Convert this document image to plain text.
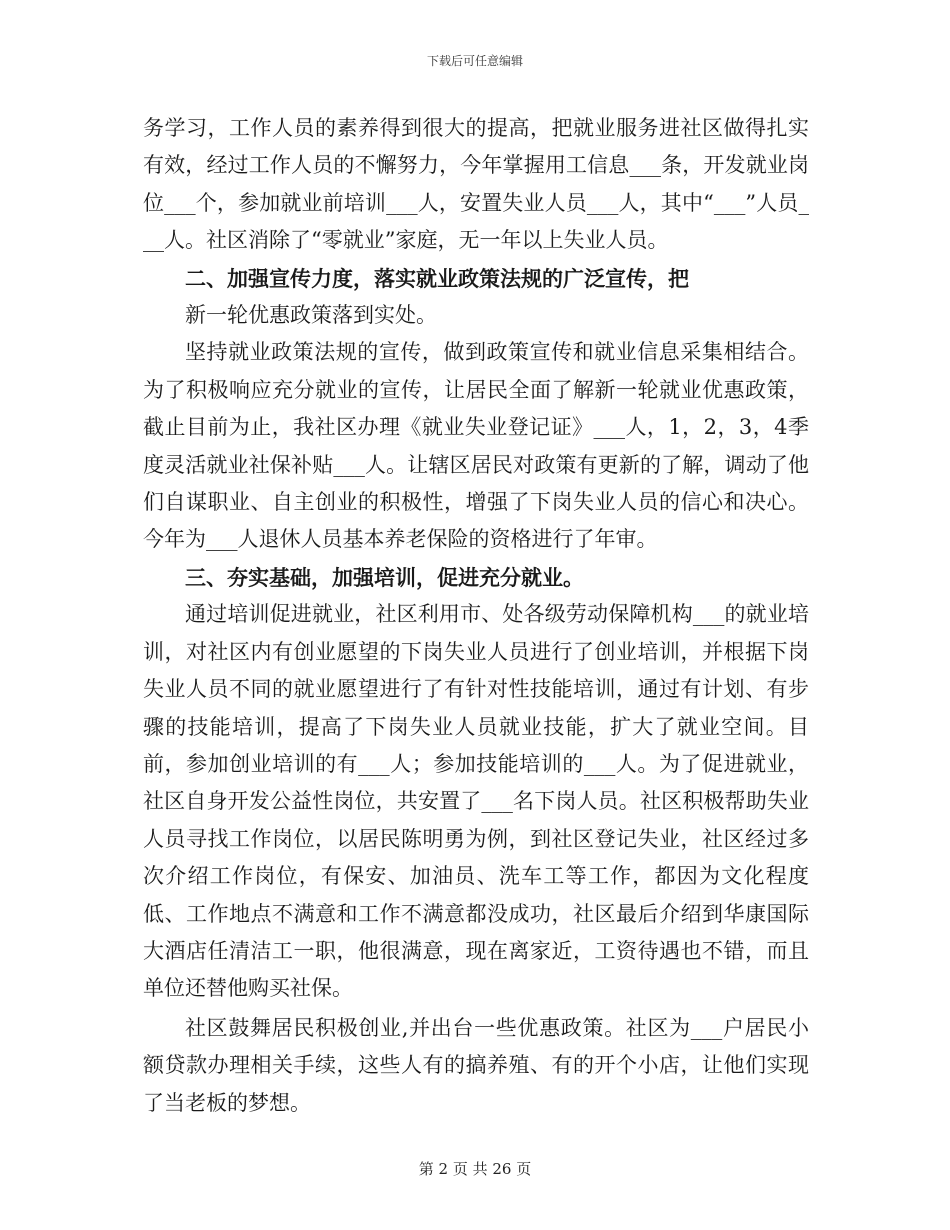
下载后可任意编辑

务学习，工作人员的素养得到很大的提高，把就业服务进社区做得扎实有效，经过工作人员的不懈努力，今年掌握用工信息___条，开发就业岗位___个，参加就业前培训___人，安置失业人员___人，其中“___”人员___人。社区消除了“零就业”家庭，无一年以上失业人员。

二、加强宣传力度，落实就业政策法规的广泛宣传，把

新一轮优惠政策落到实处。

坚持就业政策法规的宣传，做到政策宣传和就业信息采集相结合。为了积极响应充分就业的宣传，让居民全面了解新一轮就业优惠政策，截止目前为止，我社区办理《就业失业登记证》___人，1，2，3，4季度灵活就业社保补贴___人。让辖区居民对政策有更新的了解，调动了他们自谋职业、自主创业的积极性，增强了下岗失业人员的信心和决心。今年为___人退休人员基本养老保险的资格进行了年审。

三、夯实基础，加强培训，促进充分就业。

通过培训促进就业，社区利用市、处各级劳动保障机构___的就业培训，对社区内有创业愿望的下岗失业人员进行了创业培训，并根据下岗失业人员不同的就业愿望进行了有针对性技能培训，通过有计划、有步骤的技能培训，提高了下岗失业人员就业技能，扩大了就业空间。目前，参加创业培训的有___人；参加技能培训的___人。为了促进就业，社区自身开发公益性岗位，共安置了___名下岗人员。社区积极帮助失业人员寻找工作岗位，以居民陈明勇为例，到社区登记失业，社区经过多次介绍工作岗位，有保安、加油员、洗车工等工作，都因为文化程度低、工作地点不满意和工作不满意都没成功，社区最后介绍到华康国际大酒店任清洁工一职，他很满意，现在离家近，工资待遇也不错，而且单位还替他购买社保。

社区鼓舞居民积极创业,并出台一些优惠政策。社区为___户居民小额贷款办理相关手续，这些人有的搞养殖、有的开个小店，让他们实现了当老板的梦想。

第 2 页 共 26 页
